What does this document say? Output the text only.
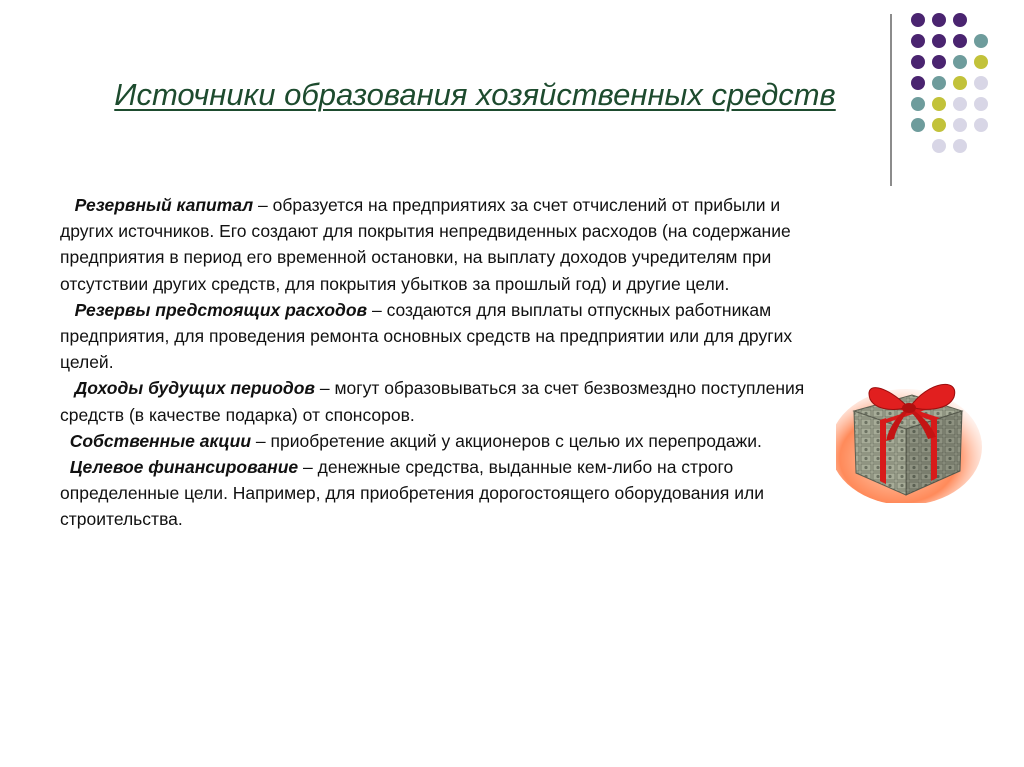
Источники образования хозяйственных средств

Резервный капитал – образуется на предприятиях за счет отчислений от прибыли и других источников. Его создают для покрытия непредвиденных расходов (на содержание предприятия в период его временной остановки, на выплату доходов учредителям при отсутствии других средств, для покрытия убытков за прошлый год) и другие цели.

Резервы предстоящих расходов – создаются для выплаты отпускных работникам предприятия, для проведения ремонта основных средств на предприятии или для других целей.

Доходы будущих периодов – могут образовываться за счет безвозмездно поступления средств (в качестве подарка) от спонсоров.

Собственные акции – приобретение акций у акционеров с целью их перепродажи.

Целевое финансирование – денежные средства, выданные кем-либо на строго определенные цели. Например, для приобретения дорогостоящего оборудования или строительства.
